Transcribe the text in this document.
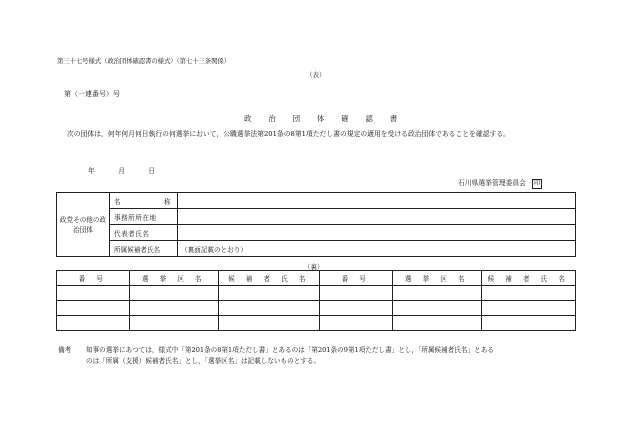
第三十七号様式（政治団体確認書の様式）（第七十三条関係）
（表）
第（一連番号）号
政 治 団 体 確 認 書
次の団体は，何年何月何日執行の何選挙において，公職選挙法第201条の8第1項ただし書の規定の適用を受ける政治団体であることを確認する。
年	月	日
石川県選挙管理委員会 印
政党その他の政治団体	名 称	

	事務所所在地	
	代表者氏名	
	所属候補者氏名	（裏面記載のとおり）
（裏）
番 号	選 挙 区 名	候 補 者 氏 名	番 号	選 挙 区 名	候 補 者 氏 名

備考 知事の選挙にあつては，様式中「第201条の8第1項ただし書」とあるのは「第201条の9第1項ただし書」とし，「所属候補者氏名」とある
のは「所属（支援）候補者氏名」とし，「選挙区名」は記載しないものとする。
